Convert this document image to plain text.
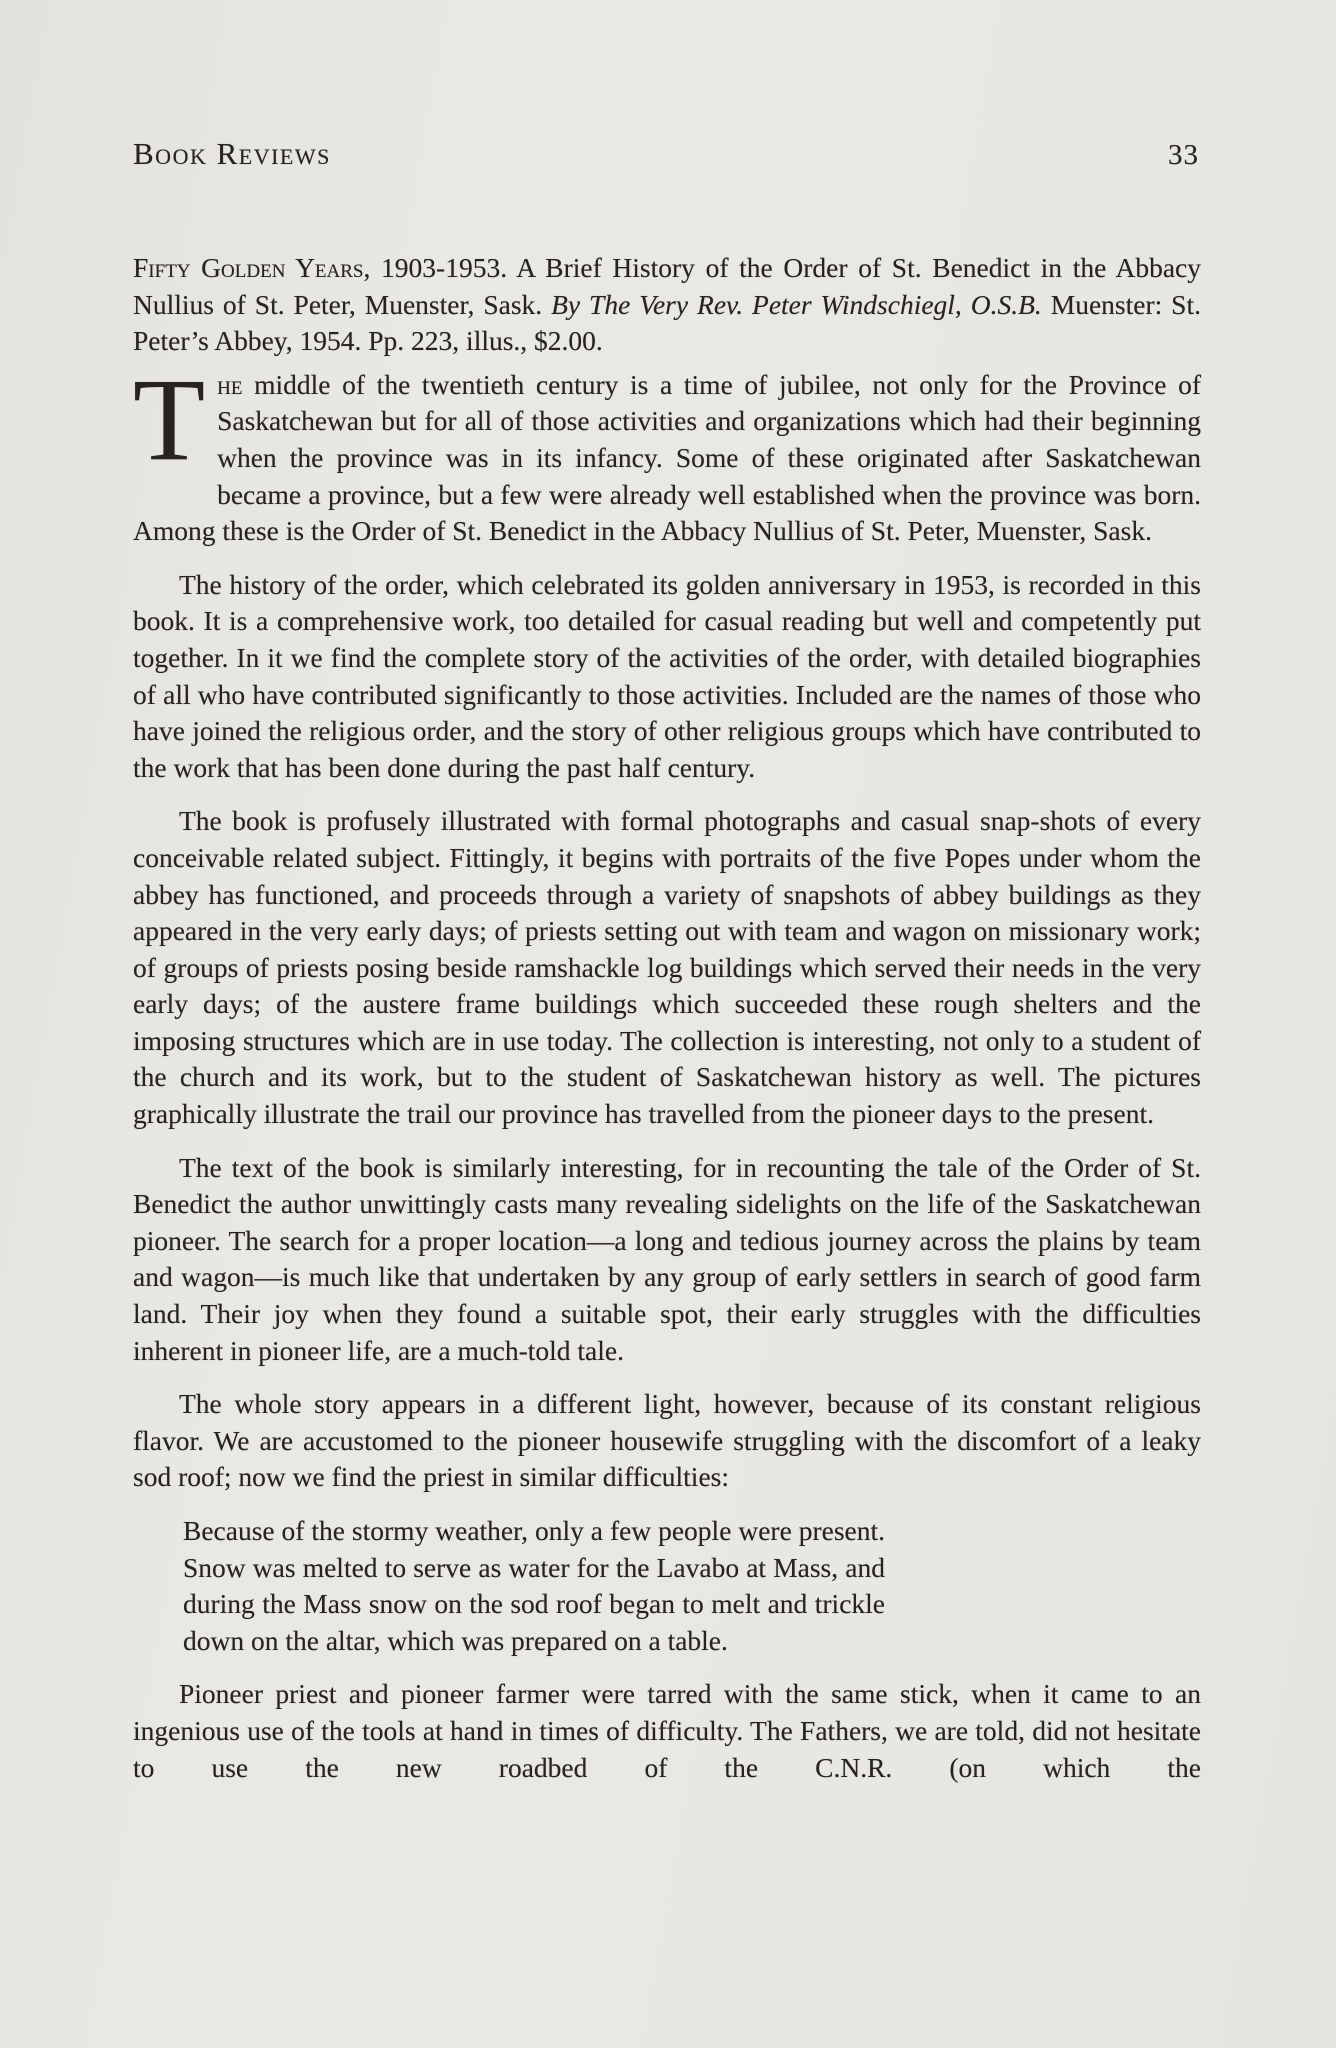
Book Reviews	33

Fifty Golden Years, 1903-1953. A Brief History of the Order of St. Benedict in the Abbacy Nullius of St. Peter, Muenster, Sask. By The Very Rev. Peter Windschiegl, O.S.B. Muenster: St. Peter’s Abbey, 1954. Pp. 223, illus., $2.00.

The middle of the twentieth century is a time of jubilee, not only for the Province of Saskatchewan but for all of those activities and organizations which had their beginning when the province was in its infancy. Some of these originated after Saskatchewan became a province, but a few were already well established when the province was born. Among these is the Order of St. Benedict in the Abbacy Nullius of St. Peter, Muenster, Sask.

The history of the order, which celebrated its golden anniversary in 1953, is recorded in this book. It is a comprehensive work, too detailed for casual reading but well and competently put together. In it we find the complete story of the activities of the order, with detailed biographies of all who have contributed significantly to those activities. Included are the names of those who have joined the religious order, and the story of other religious groups which have contributed to the work that has been done during the past half century.

The book is profusely illustrated with formal photographs and casual snap-shots of every conceivable related subject. Fittingly, it begins with portraits of the five Popes under whom the abbey has functioned, and proceeds through a variety of snapshots of abbey buildings as they appeared in the very early days; of priests setting out with team and wagon on missionary work; of groups of priests posing beside ramshackle log buildings which served their needs in the very early days; of the austere frame buildings which succeeded these rough shelters and the imposing structures which are in use today. The collection is interesting, not only to a student of the church and its work, but to the student of Saskatchewan history as well. The pictures graphically illustrate the trail our province has travelled from the pioneer days to the present.

The text of the book is similarly interesting, for in recounting the tale of the Order of St. Benedict the author unwittingly casts many revealing sidelights on the life of the Saskatchewan pioneer. The search for a proper location—a long and tedious journey across the plains by team and wagon—is much like that undertaken by any group of early settlers in search of good farm land. Their joy when they found a suitable spot, their early struggles with the difficulties inherent in pioneer life, are a much-told tale.

The whole story appears in a different light, however, because of its constant religious flavor. We are accustomed to the pioneer housewife struggling with the discomfort of a leaky sod roof; now we find the priest in similar difficulties:

Because of the stormy weather, only a few people were present. Snow was melted to serve as water for the Lavabo at Mass, and during the Mass snow on the sod roof began to melt and trickle down on the altar, which was prepared on a table.

Pioneer priest and pioneer farmer were tarred with the same stick, when it came to an ingenious use of the tools at hand in times of difficulty. The Fathers, we are told, did not hesitate to use the new roadbed of the C.N.R. (on which the
